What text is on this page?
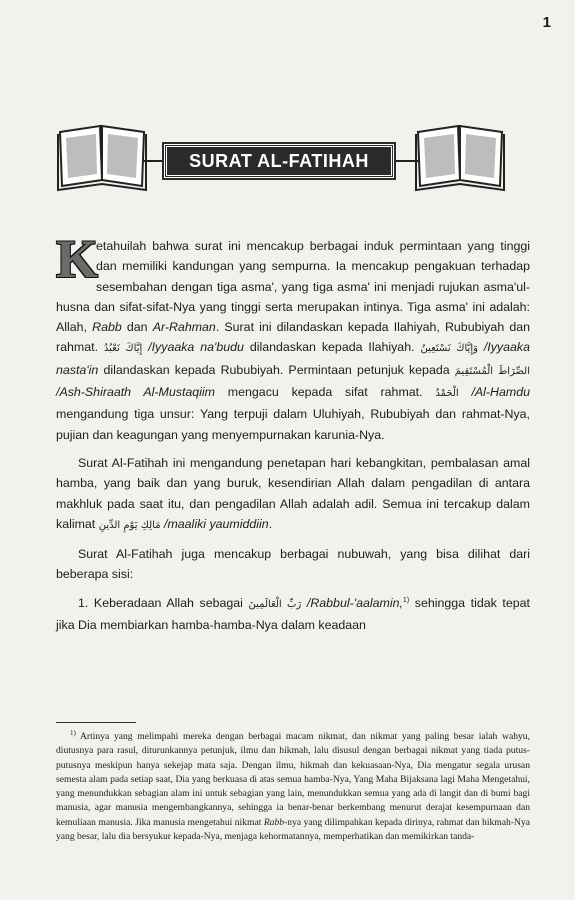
1
SURAT AL-FATIHAH

K
etahuilah bahwa surat ini mencakup berbagai induk permintaan yang tinggi dan memiliki kandungan yang sempurna. Ia mencakup pengakuan terhadap sesembahan dengan tiga asma', yang tiga asma' ini menjadi rujukan asma'ul-husna dan sifat-sifat-Nya yang tinggi serta merupakan intinya. Tiga asma' ini adalah: Allah, Rabb dan Ar-Rahman. Surat ini dilandaskan kepada Ilahiyah, Rububiyah dan rahmat. إِيَّاكَ نَعْبُدُ /Iyyaaka na'budu dilandaskan kepada Ilahiyah. وَإِيَّاكَ نَسْتَعِينُ /Iyyaaka nasta'in dilandaskan kepada Rububiyah. Permintaan petunjuk kepada الصِّرَاطَ الْمُسْتَقِيمَ /Ash-Shiraath Al-Mustaqiim mengacu kepada sifat rahmat. الْحَمْدُ /Al-Hamdu mengandung tiga unsur: Yang terpuji dalam Uluhiyah, Rububiyah dan rahmat-Nya, pujian dan keagungan yang menyempurnakan karunia-Nya.

Surat Al-Fatihah ini mengandung penetapan hari kebangkitan, pembalasan amal hamba, yang baik dan yang buruk, kesendirian Allah dalam pengadilan di antara makhluk pada saat itu, dan pengadilan Allah adalah adil. Semua ini tercakup dalam kalimat مَالِكِ يَوْمِ الدِّينِ /maaliki yaumiddiin.

Surat Al-Fatihah juga mencakup berbagai nubuwah, yang bisa dilihat dari beberapa sisi:

1. Keberadaan Allah sebagai رَبِّ الْعَالَمِينَ /Rabbul-'aalamin,$^{1)}$ sehingga tidak tepat jika Dia membiarkan hamba-hamba-Nya dalam keadaan

$^{1)}$ Artinya yang melimpahi mereka dengan berbagai macam nikmat, dan nikmat yang paling besar ialah wahyu, diutusnya para rasul, diturunkannya petunjuk, ilmu dan hikmah, lalu disusul dengan berbagai nikmat yang tiada putus-putusnya meskipun hanya sekejap mata saja. Dengan ilmu, hikmah dan kekuasaan-Nya, Dia mengatur segala urusan semesta alam pada setiap saat, Dia yang berkuasa di atas semua hamba-Nya, Yang Maha Bijaksana lagi Maha Mengetahui, yang menundukkan sebagian alam ini untuk sebagian yang lain, menundukkan semua yang ada di langit dan di bumi bagi manusia, agar manusia mengembangkannya, sehingga ia benar-benar berkembang menurut derajat kesempurnaan dan kemuliaan manusia. Jika manusia mengetahui nikmat Rabb-nya yang dilimpahkan kepada dirinya, rahmat dan hikmah-Nya yang besar, lalu dia bersyukur kepada-Nya, menjaga kehormatannya, memperhatikan dan memikirkan tanda-
